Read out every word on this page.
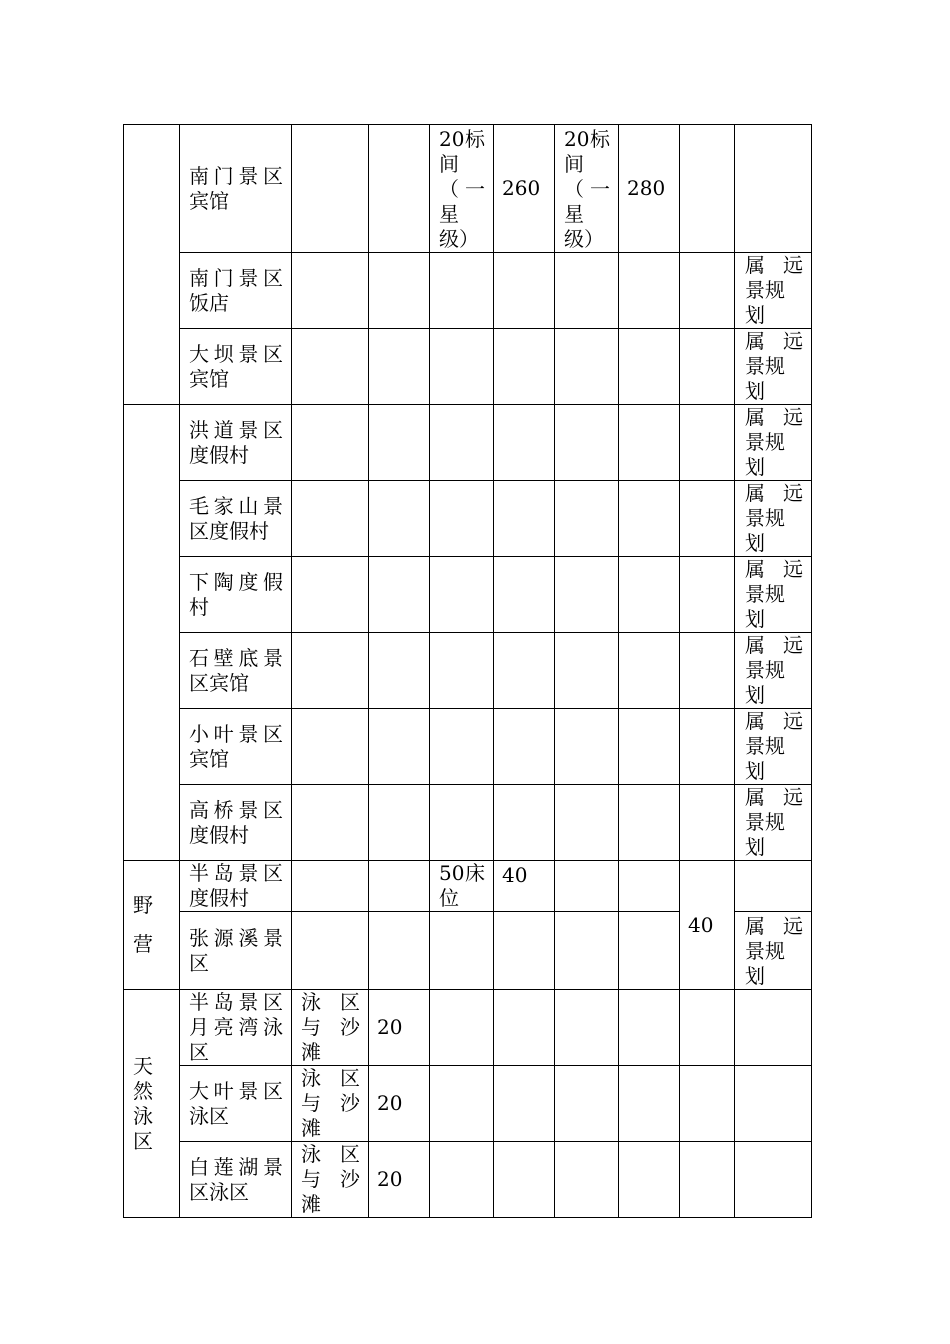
	南门景区宾馆			20标间（一星级）	260	20标间（一星级）	280		
	南门景区饭店								属 远
景规
划

	大坝景区宾馆								属 远
景规
划

	洪道景区度假村								属 远
景规
划

	毛家山景区度假村								属 远
景规
划

	下陶度假村								属 远
景规
划

	石壁底景区宾馆								属 远
景规
划

	小叶景区宾馆								属 远
景规
划

	高桥景区度假村								属 远
景规
划

野
营	半岛景区度假村			50床位	40			40	
	张源溪景区								属 远
景规
划

天
然
泳
区	半岛景区月亮湾泳区	泳区与沙滩	20						
	大叶景区泳区	泳区与沙滩	20						
	白莲湖景区泳区	泳区与沙滩	20						
